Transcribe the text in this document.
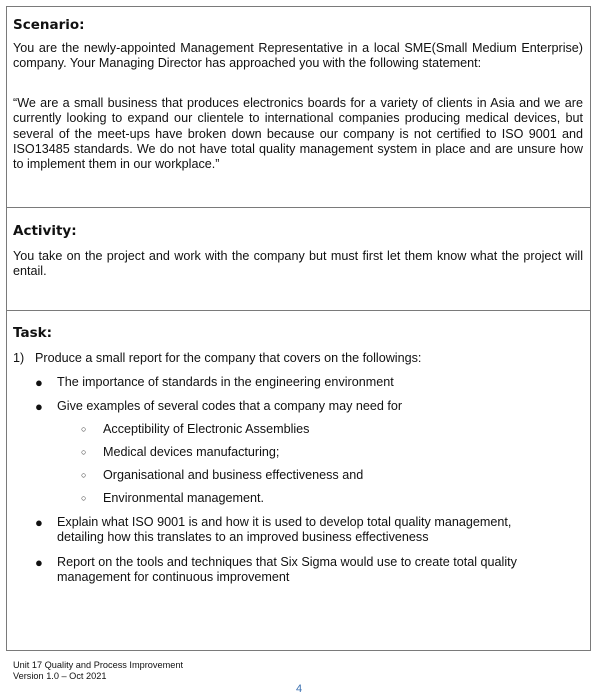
Scenario:

You are the newly-appointed Management Representative in a local SME(Small Medium Enterprise) company. Your Managing Director has approached you with the following statement:

“We are a small business that produces electronics boards for a variety of clients in Asia and we are currently looking to expand our clientele to international companies producing medical devices, but several of the meet-ups have broken down because our company is not certified to ISO 9001 and ISO13485 standards. We do not have total quality management system in place and are unsure how to implement them in our workplace.”

Activity:

You take on the project and work with the company but must first let them know what the project will entail.

Task:
1) Produce a small report for the company that covers on the followings:
● The importance of standards in the engineering environment
● Give examples of several codes that a company may need for
○ Acceptibility of Electronic Assemblies
○ Medical devices manufacturing;
○ Organisational and business effectiveness and
○ Environmental management.
● Explain what ISO 9001 is and how it is used to develop total quality management, detailing how this translates to an improved business effectiveness
● Report on the tools and techniques that Six Sigma would use to create total quality management for continuous improvement
Unit 17 Quality and Process Improvement
Version 1.0 – Oct 2021
4
